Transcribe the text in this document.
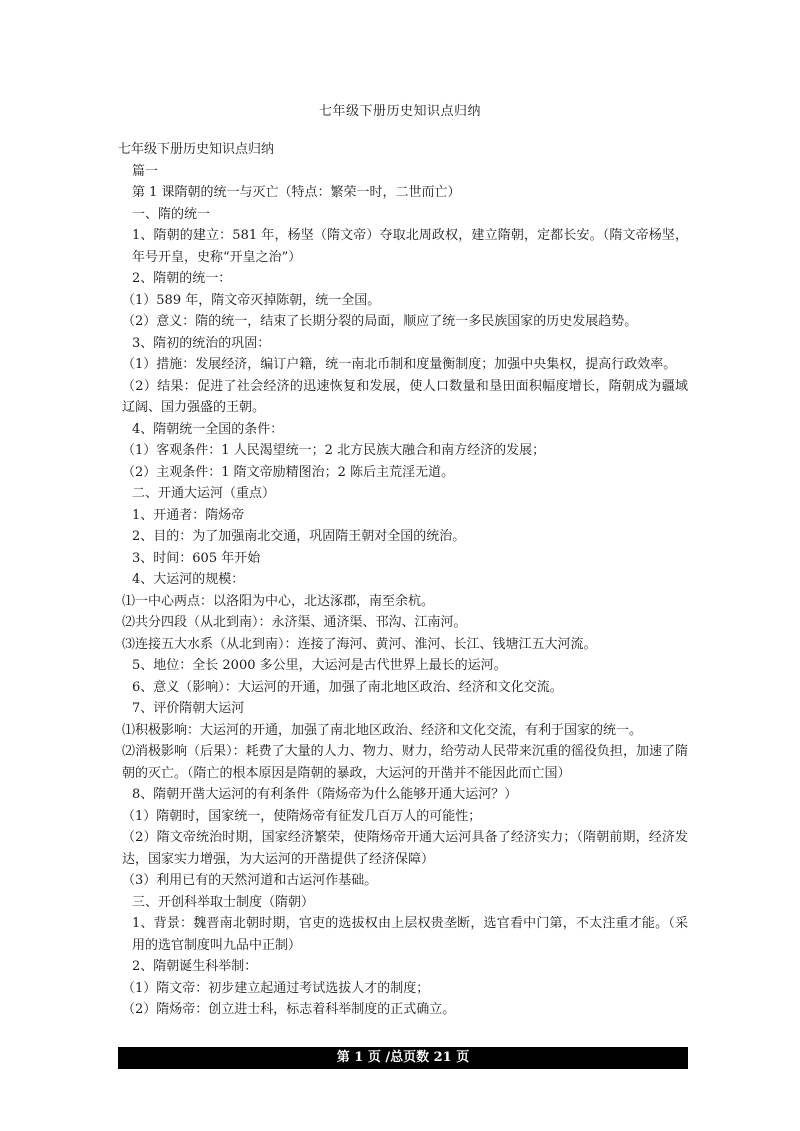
七年级下册历史知识点归纳
七年级下册历史知识点归纳
篇一
第 1 课隋朝的统一与灭亡（特点：繁荣一时，二世而亡）
一、隋的统一
1、隋朝的建立：581 年，杨坚（隋文帝）夺取北周政权，建立隋朝，定都长安。（隋文帝杨坚，年号开皇，史称“开皇之治”）
2、隋朝的统一：
（1）589 年，隋文帝灭掉陈朝，统一全国。
（2）意义：隋的统一，结束了长期分裂的局面，顺应了统一多民族国家的历史发展趋势。
3、隋初的统治的巩固：
（1）措施：发展经济，编订户籍，统一南北币制和度量衡制度；加强中央集权，提高行政效率。
（2）结果：促进了社会经济的迅速恢复和发展，使人口数量和垦田面积幅度增长，隋朝成为疆域辽阔、国力强盛的王朝。
4、隋朝统一全国的条件：
（1）客观条件：1 人民渴望统一；2 北方民族大融合和南方经济的发展；
（2）主观条件：1 隋文帝励精图治；2 陈后主荒淫无道。
二、开通大运河（重点）
1、开通者：隋炀帝
2、目的：为了加强南北交通，巩固隋王朝对全国的统治。
3、时间：605 年开始
4、大运河的规模：
⑴一中心两点：以洛阳为中心，北达涿郡，南至余杭。
⑵共分四段（从北到南）：永济渠、通济渠、邗沟、江南河。
⑶连接五大水系（从北到南）：连接了海河、黄河、淮河、长江、钱塘江五大河流。
5、地位：全长 2000 多公里，大运河是古代世界上最长的运河。
6、意义（影响）：大运河的开通，加强了南北地区政治、经济和文化交流。
7、评价隋朝大运河
⑴积极影响：大运河的开通，加强了南北地区政治、经济和文化交流，有利于国家的统一。
⑵消极影响（后果）：耗费了大量的人力、物力、财力，给劳动人民带来沉重的徭役负担，加速了隋朝的灭亡。（隋亡的根本原因是隋朝的暴政，大运河的开凿并不能因此而亡国）
8、隋朝开凿大运河的有利条件（隋炀帝为什么能够开通大运河？）
（1）隋朝时，国家统一，使隋炀帝有征发几百万人的可能性；
（2）隋文帝统治时期，国家经济繁荣，使隋炀帝开通大运河具备了经济实力；（隋朝前期，经济发达，国家实力增强，为大运河的开凿提供了经济保障）
（3）利用已有的天然河道和古运河作基础。
三、开创科举取士制度（隋朝）
1、背景：魏晋南北朝时期，官吏的选拔权由上层权贵垄断，选官看中门第，不太注重才能。（采用的选官制度叫九品中正制）
2、隋朝诞生科举制：
（1）隋文帝：初步建立起通过考试选拔人才的制度；
（2）隋炀帝：创立进士科，标志着科举制度的正式确立。
第 1 页 /总页数 21 页
